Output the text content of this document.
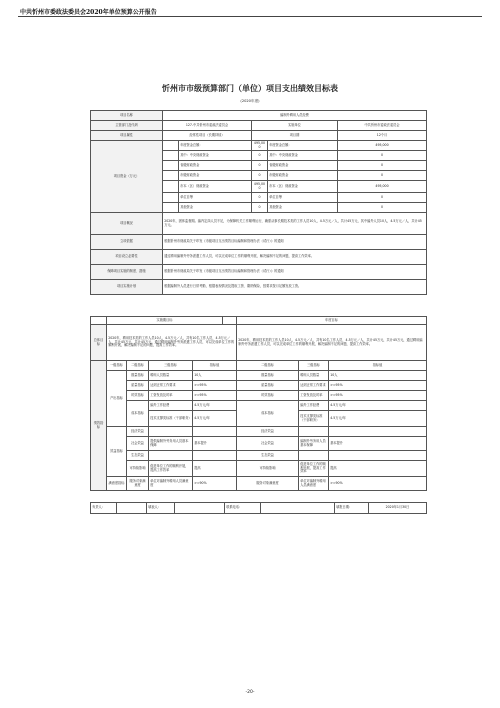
中共忻州市委政法委员会2020年单位预算公开报告
忻州市市级预算部门（单位）项目支出绩效目标表
(2020年度)
项目名称	编制外聘用人员经费				
主管部门及代码	127-中共忻州市委政法委员会		实施单位		中共忻州市委政法委员会
项目属性	经常性项目（长期持续）		项目期		12个月
项目资金（万元）		年度资金总额：	495,000	年度资金总额：	495,000
		其中：中央财政资金	0	其中：中央财政资金	0
		省级财政资金	0	省级财政资金	0
		市级财政资金	0	市级财政资金	0
		市本（区）财政资金	495,000	市本（区）财政资金	495,000
		单位自筹	0	单位自筹	0
		其他资金	0	其他资金	0
项目概况	2020年，团体监督期。编内定岗人员不足，为保障机关工作顺利运行，确需从事长期技术类的工作人员10人，4.5万元／人，共计45万元，其中编外人员10人，4.5万元／人，共计45万元。				
立项依据	根据忻州市财政局关于印发《市级项目支出绩效目标编制和管理办法（试行）》的通知				
项目设立必要性	通过聘用编制外劳务派遣工作人员，可以完成单位工作的顺利开展，解决编制不足的问题，提高工作效率。				
保障项目实施的制度、措施	根据忻州市财政局关于印发《市级项目支出绩效目标编制和管理办法（试行）》的通知				
项目实施计划	根据编制外人员进行日常考勤，根据表现情况及提取工资、缴纳保险，按要求按月足额发放工资。				
	实施期目标					年度目标		
总体目标	2020年，聘用技术类的工作人员10人，4.5万元／人，共有10名工作人员，4.5万元／人，共计45万元，共计45万元，通过聘用编制外劳务派遣工作人员，可以完成单位工作的顺利开展，解决编制不足的问题，提高工作效率。					2020年，聘用技术类的工作人员10人，4.5万元／人，共有10名工作人员，4.5万元／人，共计45万元，共计45万元，通过聘用编制外劳务派遣工作人员，可以完成单位工作的顺利开展，解决编制不足的问题，提高工作效率。		
绩效指标	一级指标	二级指标	三级指标	指标值		二级指标	三级指标	指标值
	产出指标	数量指标	聘用人员数量	10人		数量指标	聘用人员数量	10人
		质量指标	达到正常工作要求	>=95%		质量指标	达到正常工作要求	>=95%
		时效指标	工资发放及时率	>=95%		时效指标	工资发放及时率	>=95%
		成本指标	编外工作经费	4.5万元/年		成本指标	编外工作经费	4.5万元/年
			技术支撑类标准（干部职务）	4.5万元/年			技术支撑类标准（干部职务）	4.5万元/年
	效益指标	经济效益				经济效益		
		社会效益	提供编制外劳务用人员基本保障	基本提升		社会效益	编制外劳务用人员基本保障	基本提升
		生态效益				生态效益		
		可持续影响	促进单位工作的顺利开展，提高工作效率	提高		可持续影响	促进单位工作的顺利开展，提高工作效率	提高
	满意度指标	服务对象满意度	单位对编制外聘用人员满意度	>=90%		服务对象满意度	单位对编制外聘用人员满意度	>=90%
负责人：		填表人：		联系电话：		填报日期：	2020年1月30日
-20-
